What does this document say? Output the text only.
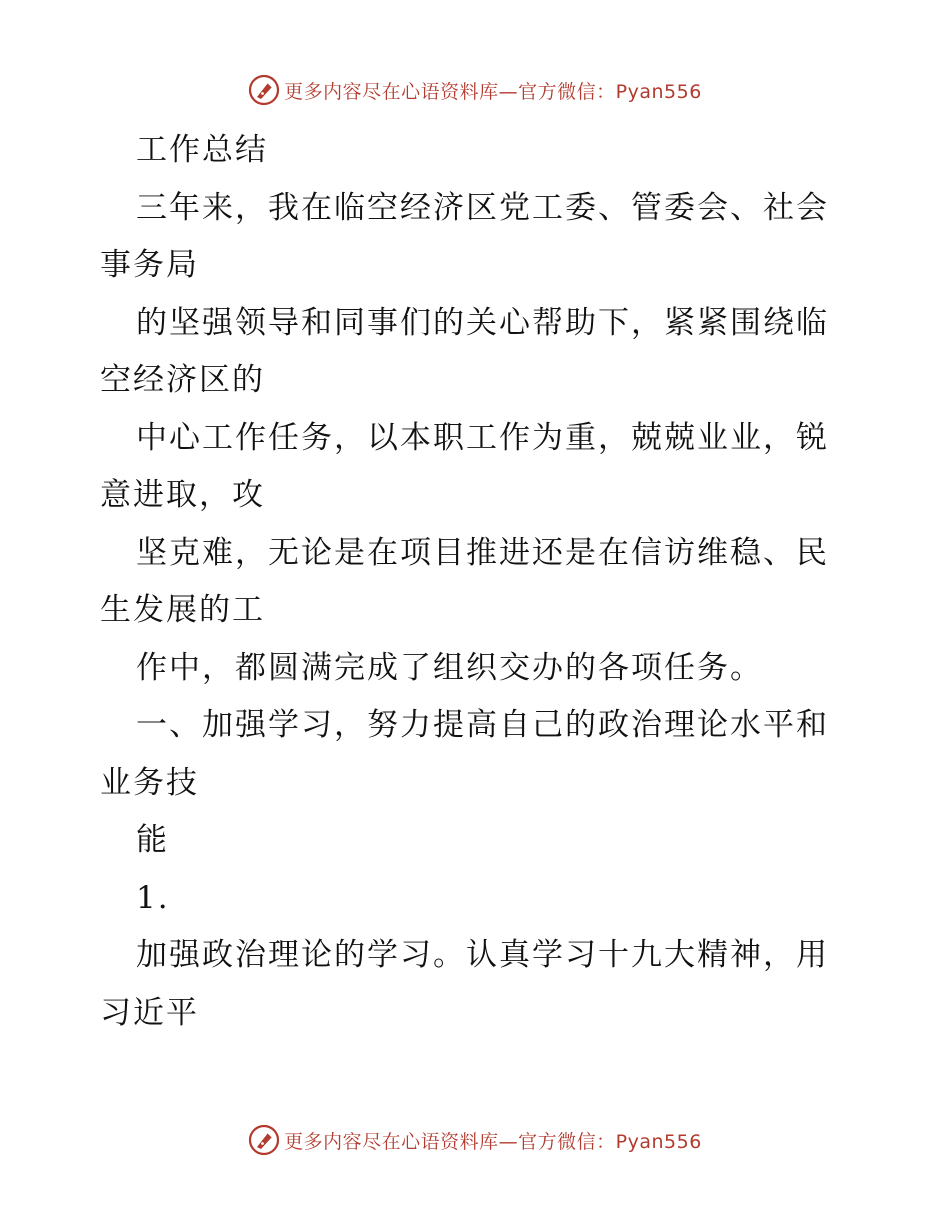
更多内容尽在心语资料库—官方微信：Pyan556

工作总结

三年来，我在临空经济区党工委、管委会、社会事务局

的坚强领导和同事们的关心帮助下，紧紧围绕临空经济区的

中心工作任务，以本职工作为重，兢兢业业，锐意进取，攻

坚克难，无论是在项目推进还是在信访维稳、民生发展的工

作中，都圆满完成了组织交办的各项任务。

一、加强学习，努力提高自己的政治理论水平和业务技

能

1.

加强政治理论的学习。认真学习十九大精神，用习近平

更多内容尽在心语资料库—官方微信：Pyan556
